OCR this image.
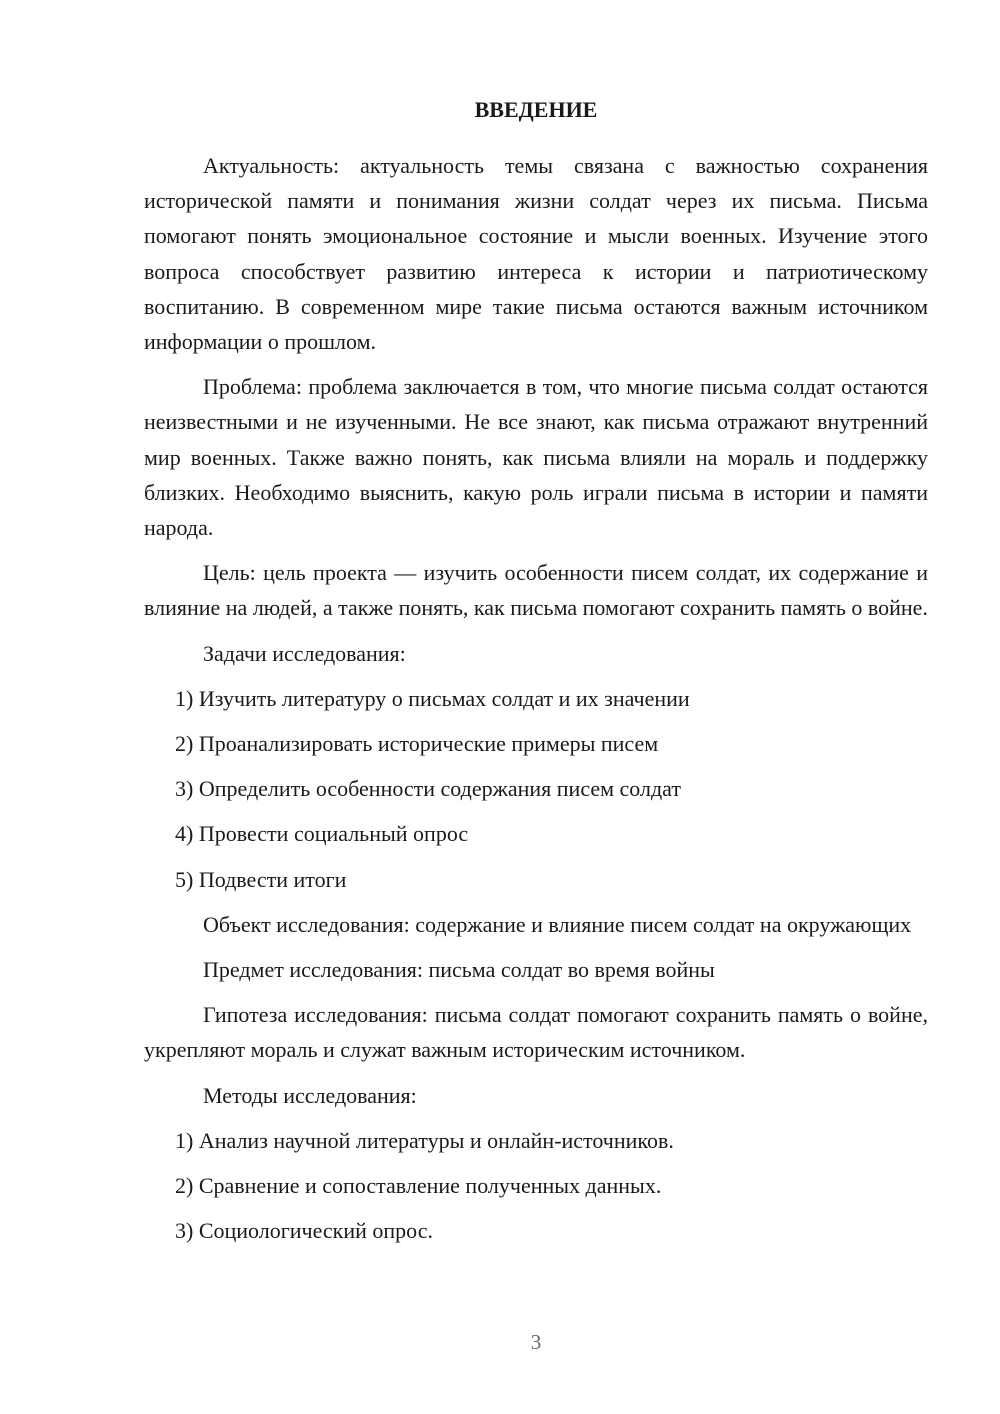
ВВЕДЕНИЕ

Актуальность: актуальность темы связана с важностью сохранения исторической памяти и понимания жизни солдат через их письма. Письма помогают понять эмоциональное состояние и мысли военных. Изучение этого вопроса способствует развитию интереса к истории и патриотическому воспитанию. В современном мире такие письма остаются важным источником информации о прошлом.

Проблема: проблема заключается в том, что многие письма солдат остаются неизвестными и не изученными. Не все знают, как письма отражают внутренний мир военных. Также важно понять, как письма влияли на мораль и поддержку близких. Необходимо выяснить, какую роль играли письма в истории и памяти народа.

Цель: цель проекта — изучить особенности писем солдат, их содержание и влияние на людей, а также понять, как письма помогают сохранить память о войне.

Задачи исследования:

1) Изучить литературу о письмах солдат и их значении

2) Проанализировать исторические примеры писем

3) Определить особенности содержания писем солдат

4) Провести социальный опрос

5) Подвести итоги

Объект исследования: содержание и влияние писем солдат на окружающих

Предмет исследования: письма солдат во время войны

Гипотеза исследования: письма солдат помогают сохранить память о войне, укрепляют мораль и служат важным историческим источником.

Методы исследования:

1) Анализ научной литературы и онлайн-источников.

2) Сравнение и сопоставление полученных данных.

3) Социологический опрос.

3
